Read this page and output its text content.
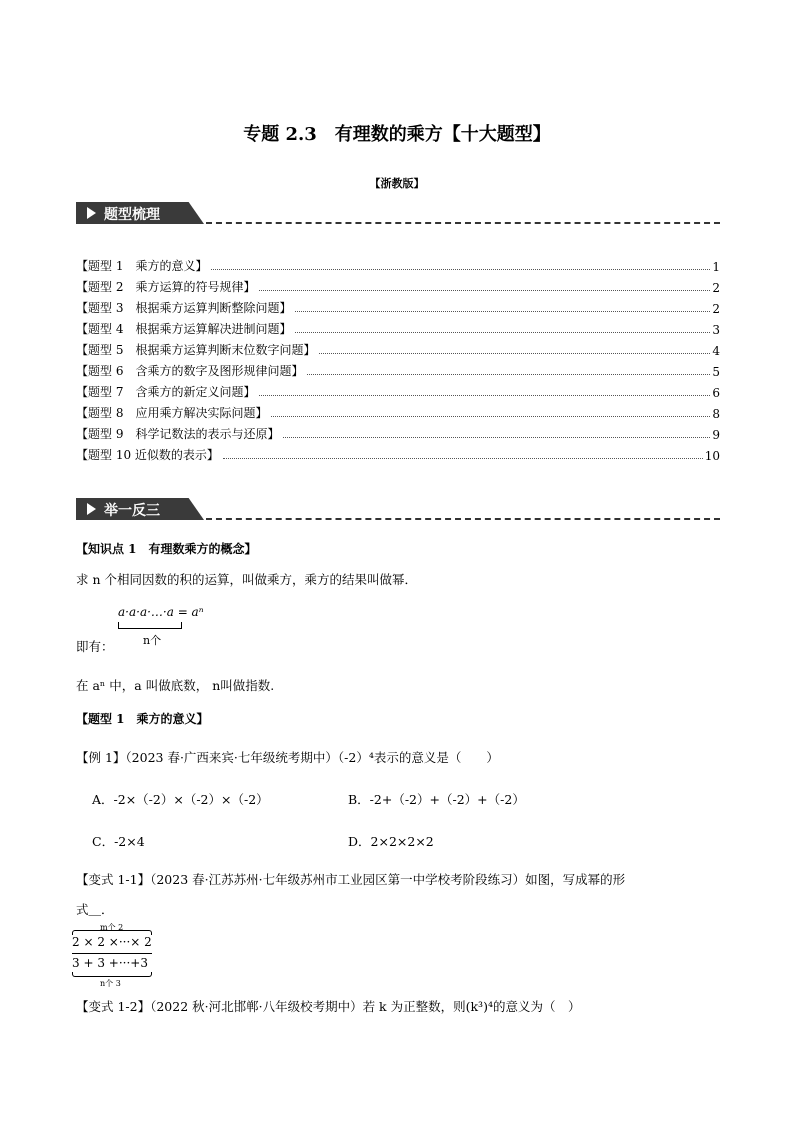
专题 2.3　有理数的乘方【十大题型】
【浙教版】
题型梳理
【题型 1　乘方的意义】	1
【题型 2　乘方运算的符号规律】	2
【题型 3　根据乘方运算判断整除问题】	2
【题型 4　根据乘方运算解决进制问题】	3
【题型 5　根据乘方运算判断末位数字问题】	4
【题型 6　含乘方的数字及图形规律问题】	5
【题型 7　含乘方的新定义问题】	6
【题型 8　应用乘方解决实际问题】	8
【题型 9　科学记数法的表示与还原】	9
【题型 10 近似数的表示】	10
举一反三
【知识点 1　有理数乘方的概念】
求 n 个相同因数的积的运算，叫做乘方，乘方的结果叫做幂．
a·a·a·…·a = aⁿ
n个
即有：
在 aⁿ 中，a 叫做底数， n叫做指数.
【题型 1　乘方的意义】
【例 1】（2023 春·广西来宾·七年级统考期中）（-2）⁴表示的意义是（　　）
A．-2×（-2）×（-2）×（-2）	B．-2+（-2）+（-2）+（-2）
C．-2×4	D．2×2×2×2
【变式 1-1】（2023 春·江苏苏州·七年级苏州市工业园区第一中学校考阶段练习）如图，写成幂的形
式＿．
m个 2
2 × 2 ×···× 2
3 + 3 +···+3
n个 3
【变式 1-2】（2022 秋·河北邯郸·八年级校考期中）若 k 为正整数，则(k³)⁴的意义为（　）
